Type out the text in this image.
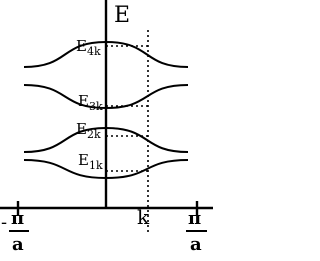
E
$E_{4k}$
$E_{3k}$
$E_{2k}$
$E_{1k}$
k
- π
a
π
a
